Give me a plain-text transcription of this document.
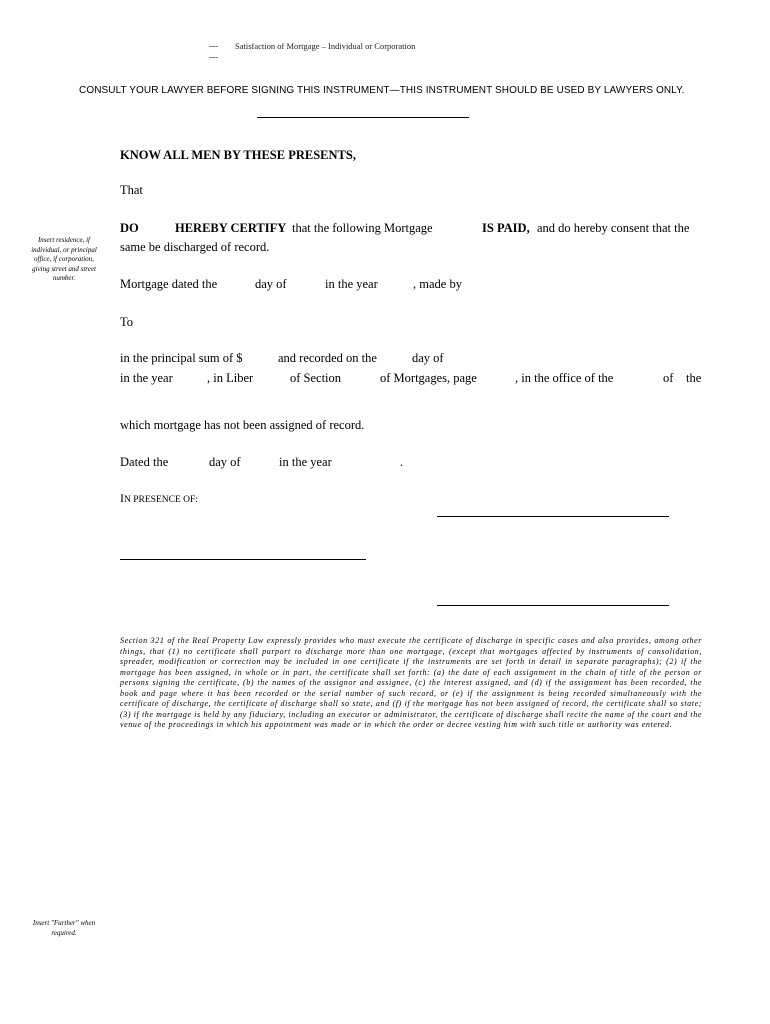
—
—
Satisfaction of Mortgage – Individual or Corporation
CONSULT YOUR LAWYER BEFORE SIGNING THIS INSTRUMENT—THIS INSTRUMENT SHOULD BE USED BY LAWYERS ONLY.
KNOW ALL MEN BY THESE PRESENTS,
That
Insert residence, if individual, or principal office, if corporation, giving street and street number.
DO	HEREBY CERTIFY that the following Mortgage	IS PAID, and do hereby consent that the
same be discharged of record.
Mortgage dated the	day of	in the year	, made by
To
in the principal sum of $	and recorded on the	day of
in the year	, in Liber	of Section	of Mortgages, page	, in the office of the	of the
which mortgage has not been assigned of record.
Dated the	day of	in the year	.
IN PRESENCE OF:
Section 321 of the Real Property Law expressly provides who must execute the certificate of discharge in specific cases and also provides, among other things, that (1) no certificate shall purport to discharge more than one mortgage, (except that mortgages affected by instruments of consolidation, spreader, modification or correction may be included in one certificate if the instruments are set forth in detail in separate paragraphs); (2) if the mortgage has been assigned, in whole or in part, the certificate shall set forth: (a) the date of each assignment in the chain of title of the person or persons signing the certificate, (b) the names of the assignor and assignee, (c) the interest assigned, and (d) if the assignment has been recorded, the book and page where it has been recorded or the serial number of such record, or (e) if the assignment is being recorded simultaneously with the certificate of discharge, the certificate of discharge shall so state, and (f) if the mortgage has not been assigned of record, the certificate shall so state; (3) if the mortgage is held by any fiduciary, including an executor or administrator, the certificate of discharge shall recite the name of the court and the venue of the proceedings in which his appointment was made or in which the order or decree vesting him with such title or authority was entered.
Insert "Further" when required.
